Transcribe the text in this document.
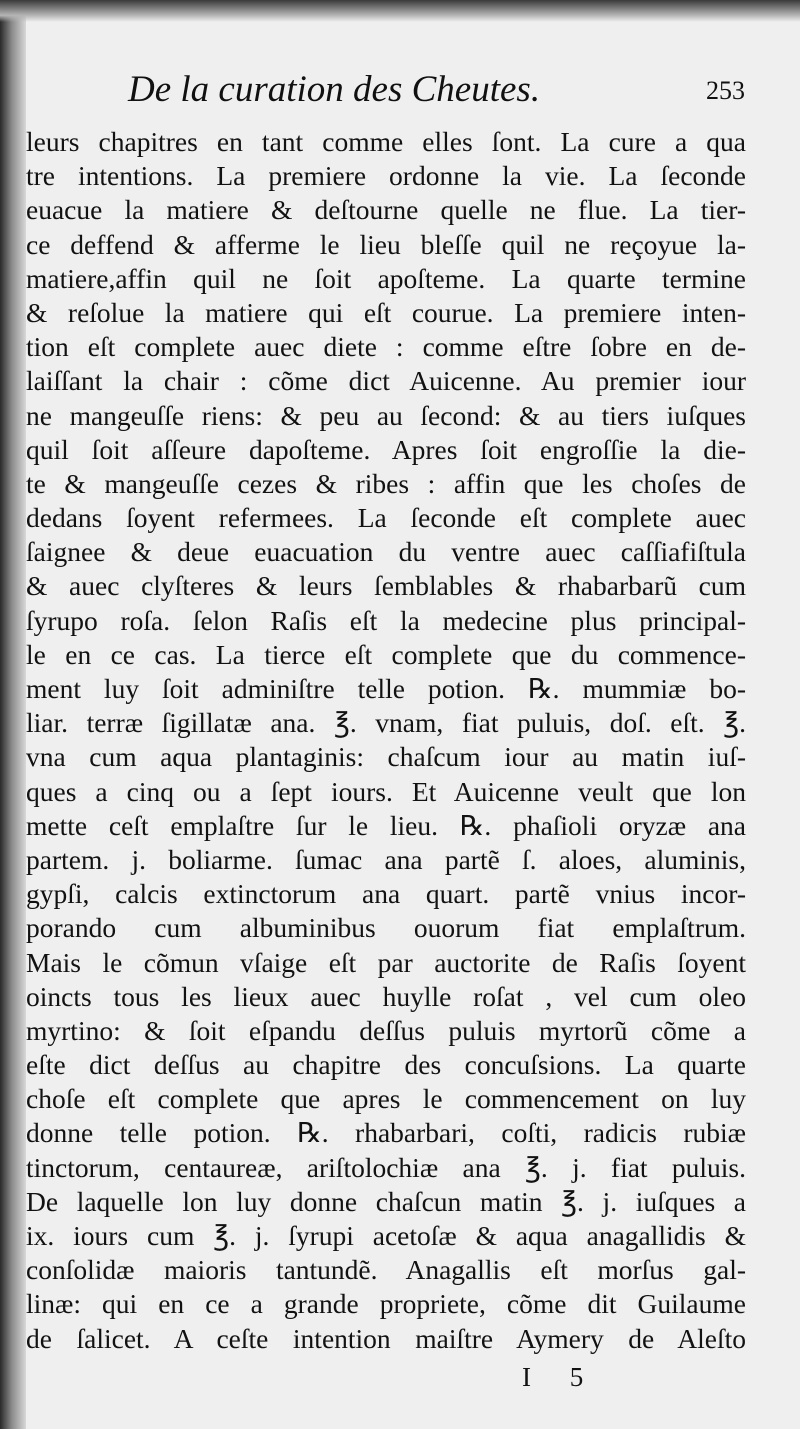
De la curation des Cheutes.	253
leurs chapitres en tant comme elles ſont. La cure a qua
tre intentions. La premiere ordonne la vie. La ſeconde
euacue la matiere & deſtourne quelle ne flue. La tier-
ce deffend & afferme le lieu bleſſe quil ne reçoyue la-
matiere,affin quil ne ſoit apoſteme. La quarte termine
& reſolue la matiere qui eſt courue. La premiere inten-
tion eſt complete auec diete : comme eſtre ſobre en de-
laiſſant la chair : cõme dict Auicenne. Au premier iour
ne mangeuſſe riens: & peu au ſecond: & au tiers iuſques
quil ſoit aſſeure dapoſteme. Apres ſoit engroſſie la die-
te & mangeuſſe cezes & ribes : affin que les choſes de
dedans ſoyent refermees. La ſeconde eſt complete auec
ſaignee & deue euacuation du ventre auec caſſiafiſtula
& auec clyſteres & leurs ſemblables & rhabarbarũ cum
ſyrupo roſa. ſelon Raſis eſt la medecine plus principal-
le en ce cas. La tierce eſt complete que du commence-
ment luy ſoit adminiſtre telle potion. ℞. mummiæ bo-
liar. terræ ſigillatæ ana. ℥. vnam, fiat puluis, doſ. eſt. ℥.
vna cum aqua plantaginis: chaſcum iour au matin iuſ-
ques a cinq ou a ſept iours. Et Auicenne veult que lon
mette ceſt emplaſtre ſur le lieu. ℞. phaſioli oryzæ ana
partem. j. boliarme. ſumac ana partẽ ſ. aloes, aluminis,
gypſi, calcis extinctorum ana quart. partẽ vnius incor-
porando cum albuminibus ouorum fiat emplaſtrum.
Mais le cõmun vſaige eſt par auctorite de Raſis ſoyent
oincts tous les lieux auec huylle roſat , vel cum oleo
myrtino: & ſoit eſpandu deſſus puluis myrtorũ cõme a
eſte dict deſſus au chapitre des concuſsions. La quarte
choſe eſt complete que apres le commencement on luy
donne telle potion. ℞. rhabarbari, coſti, radicis rubiæ
tinctorum, centaureæ, ariſtolochiæ ana ℥. j. fiat puluis.
De laquelle lon luy donne chaſcun matin ℥. j. iuſques a
ix. iours cum ℥. j. ſyrupi acetoſæ & aqua anagallidis &
conſolidæ maioris tantundẽ. Anagallis eſt morſus gal-
linæ: qui en ce a grande propriete, cõme dit Guilaume
de ſalicet. A ceſte intention maiſtre Aymery de Aleſto
I 5
